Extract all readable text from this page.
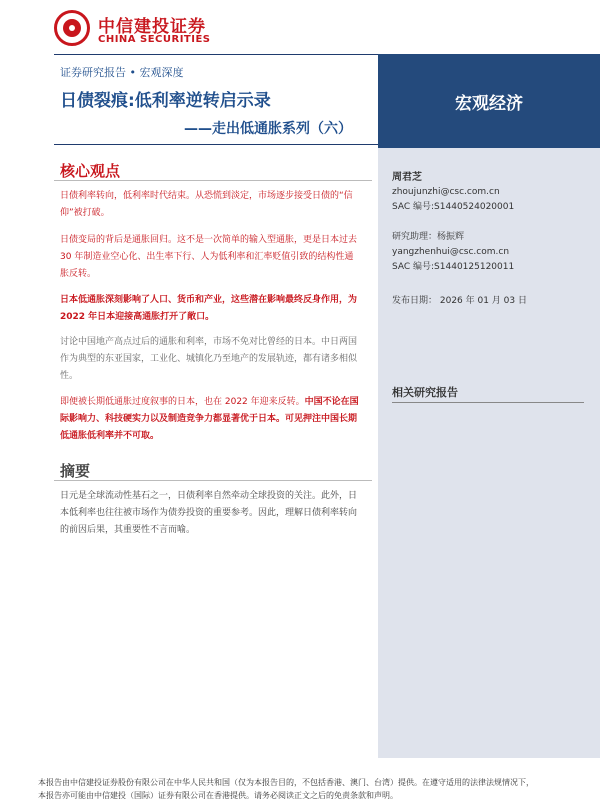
中信建投证券
CHINA SECURITIES
证券研究报告 • 宏观深度
日债裂痕:低利率逆转启示录
——走出低通胀系列（六）
宏观经济
周君芝
zhoujunzhi@csc.com.cn
SAC 编号:S1440524020001
研究助理：杨振辉
yangzhenhui@csc.com.cn
SAC 编号:S1440125120011
发布日期： 2026 年 01 月 03 日
相关研究报告
核心观点
日债利率转向，低利率时代结束。从恐慌到淡定，市场逐步接受日债的“信仰”被打破。
日债变局的背后是通胀回归。这不是一次简单的输入型通胀，更是日本过去 30 年制造业空心化、出生率下行、人为低利率和汇率贬值引致的结构性通胀反转。
日本低通胀深刻影响了人口、货币和产业，这些潜在影响最终反身作用，为 2022 年日本迎接高通胀打开了敞口。
讨论中国地产高点过后的通胀和利率，市场不免对比曾经的日本。中日两国作为典型的东亚国家，工业化、城镇化乃至地产的发展轨迹，都有诸多相似性。
即便被长期低通胀过度叙事的日本，也在 2022 年迎来反转。中国不论在国际影响力、科技硬实力以及制造竞争力都显著优于日本。可见押注中国长期低通胀低利率并不可取。
摘要
日元是全球流动性基石之一，日债利率自然牵动全球投资的关注。此外，日本低利率也往往被市场作为债券投资的重要参考。因此，理解日债利率转向的前因后果，其重要性不言而喻。
本报告由中信建投证券股份有限公司在中华人民共和国（仅为本报告目的，不包括香港、澳门、台湾）提供。在遵守适用的法律法规情况下，
本报告亦可能由中信建投（国际）证券有限公司在香港提供。请务必阅读正文之后的免责条款和声明。
